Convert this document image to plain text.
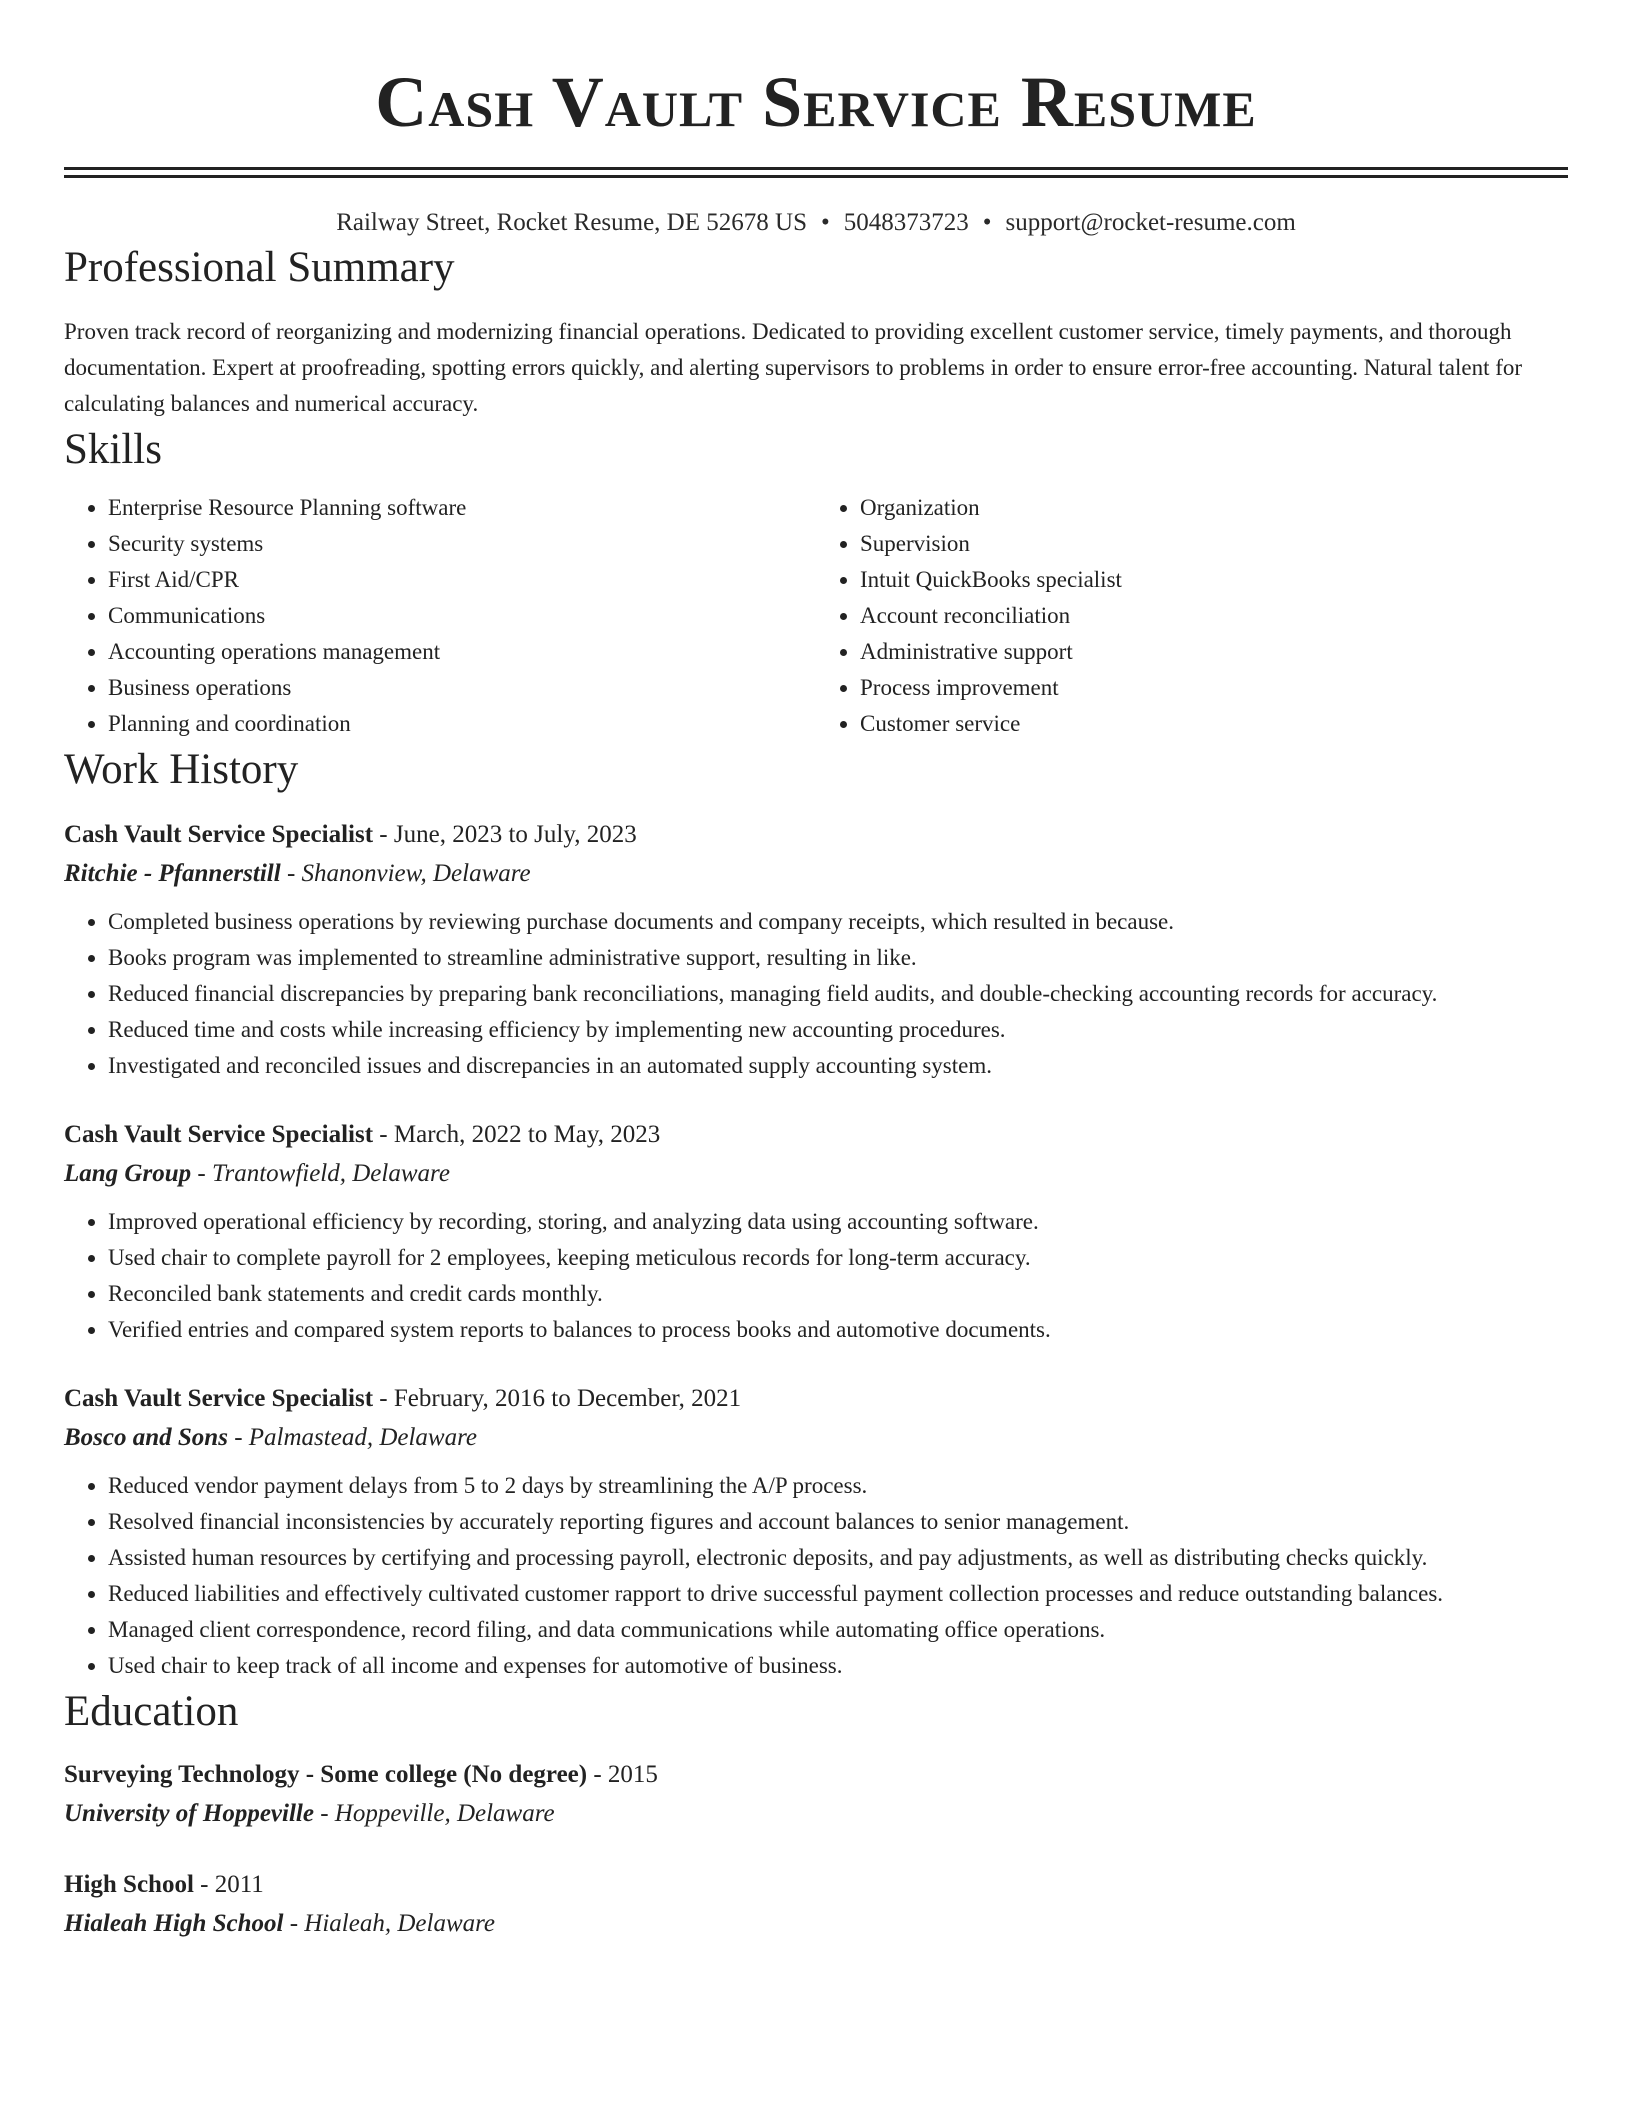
Cash Vault Service Resume
Railway Street, Rocket Resume, DE 52678 US • 5048373723 • support@rocket-resume.com
Professional Summary

Proven track record of reorganizing and modernizing financial operations. Dedicated to providing excellent customer service, timely payments, and thorough documentation. Expert at proofreading, spotting errors quickly, and alerting supervisors to problems in order to ensure error-free accounting. Natural talent for calculating balances and numerical accuracy.

Skills
• Enterprise Resource Planning software
• Security systems
• First Aid/CPR
• Communications
• Accounting operations management
• Business operations
• Planning and coordination
• Organization
• Supervision
• Intuit QuickBooks specialist
• Account reconciliation
• Administrative support
• Process improvement
• Customer service
Work History
Cash Vault Service Specialist - June, 2023 to July, 2023
Ritchie - Pfannerstill - Shanonview, Delaware
• Completed business operations by reviewing purchase documents and company receipts, which resulted in because.
• Books program was implemented to streamline administrative support, resulting in like.
• Reduced financial discrepancies by preparing bank reconciliations, managing field audits, and double-checking accounting records for accuracy.
• Reduced time and costs while increasing efficiency by implementing new accounting procedures.
• Investigated and reconciled issues and discrepancies in an automated supply accounting system.
Cash Vault Service Specialist - March, 2022 to May, 2023
Lang Group - Trantowfield, Delaware
• Improved operational efficiency by recording, storing, and analyzing data using accounting software.
• Used chair to complete payroll for 2 employees, keeping meticulous records for long-term accuracy.
• Reconciled bank statements and credit cards monthly.
• Verified entries and compared system reports to balances to process books and automotive documents.
Cash Vault Service Specialist - February, 2016 to December, 2021
Bosco and Sons - Palmastead, Delaware
• Reduced vendor payment delays from 5 to 2 days by streamlining the A/P process.
• Resolved financial inconsistencies by accurately reporting figures and account balances to senior management.
• Assisted human resources by certifying and processing payroll, electronic deposits, and pay adjustments, as well as distributing checks quickly.
• Reduced liabilities and effectively cultivated customer rapport to drive successful payment collection processes and reduce outstanding balances.
• Managed client correspondence, record filing, and data communications while automating office operations.
• Used chair to keep track of all income and expenses for automotive of business.
Education
Surveying Technology - Some college (No degree) - 2015
University of Hoppeville - Hoppeville, Delaware
High School - 2011
Hialeah High School - Hialeah, Delaware
